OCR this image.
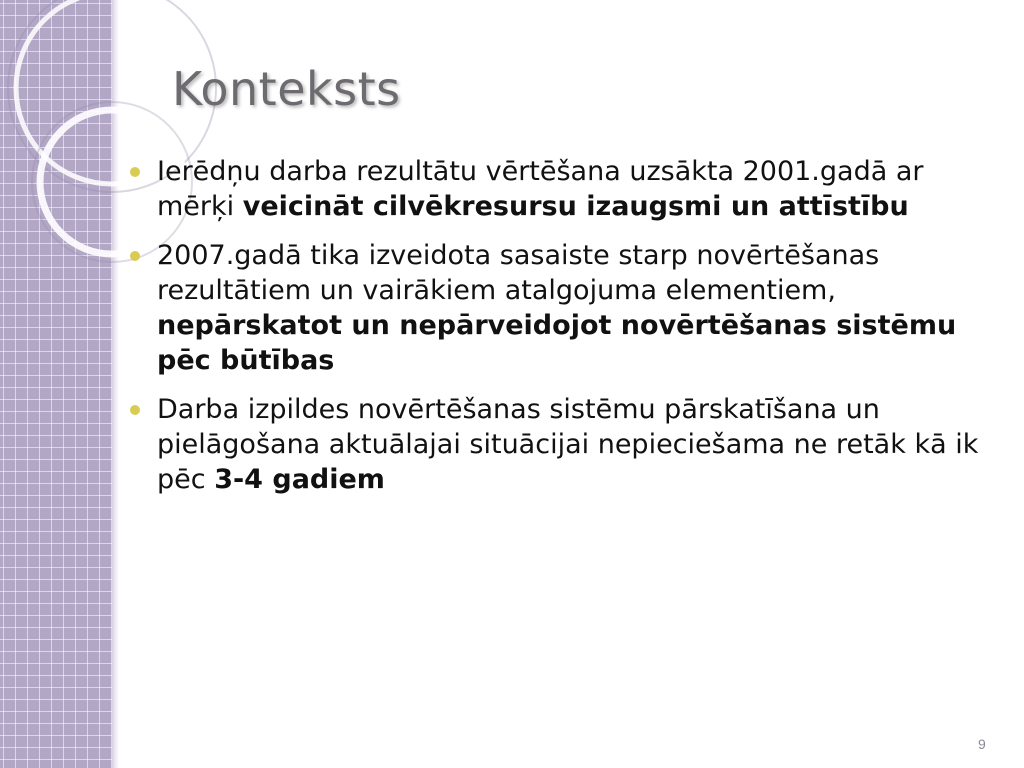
Konteksts
Ierēdņu darba rezultātu vērtēšana uzsākta 2001.gadā ar mērķi veicināt cilvēkresursu izaugsmi un attīstību
2007.gadā tika izveidota sasaiste starp novērtēšanas rezultātiem un vairākiem atalgojuma elementiem, nepārskatot un nepārveidojot novērtēšanas sistēmu pēc būtības
Darba izpildes novērtēšanas sistēmu pārskatīšana un pielāgošana aktuālajai situācijai nepieciešama ne retāk kā ik pēc 3-4 gadiem
9
